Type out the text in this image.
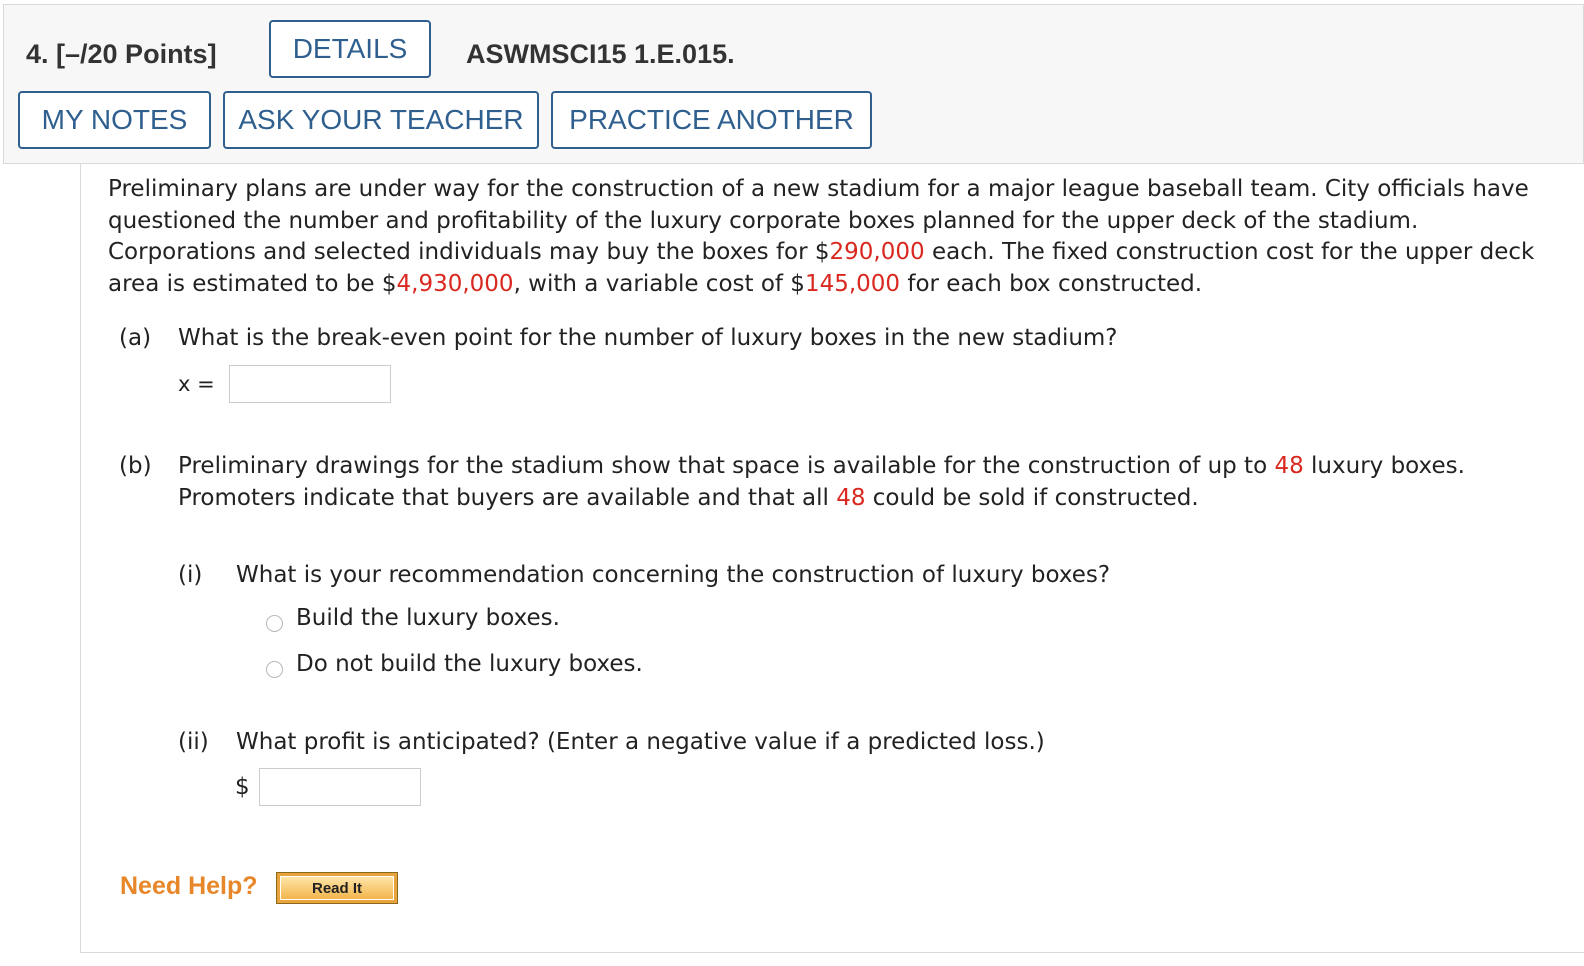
4. [–/20 Points]	DETAILS	ASWMSCI15 1.E.015.
MY NOTES	ASK YOUR TEACHER	PRACTICE ANOTHER
Preliminary plans are under way for the construction of a new stadium for a major league baseball team. City officials have questioned the number and profitability of the luxury corporate boxes planned for the upper deck of the stadium. Corporations and selected individuals may buy the boxes for $290,000 each. The fixed construction cost for the upper deck area is estimated to be $4,930,000, with a variable cost of $145,000 for each box constructed.
(a) What is the break-even point for the number of luxury boxes in the new stadium?
x =
(b) Preliminary drawings for the stadium show that space is available for the construction of up to 48 luxury boxes. Promoters indicate that buyers are available and that all 48 could be sold if constructed.
(i) What is your recommendation concerning the construction of luxury boxes?
Build the luxury boxes.
Do not build the luxury boxes.
(ii) What profit is anticipated? (Enter a negative value if a predicted loss.)
$
Need Help?	Read It
